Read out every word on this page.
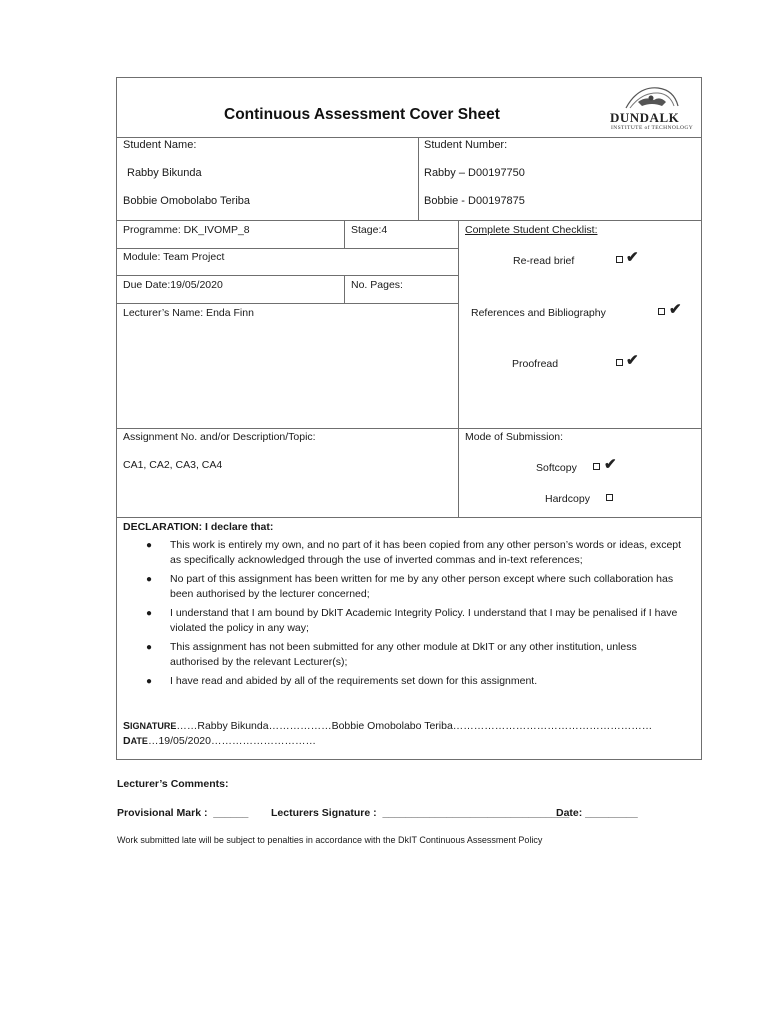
Continuous Assessment Cover Sheet	DUNDALK
INSTITUTE of TECHNOLOGY
Student Name:	Student Number:
Rabby Bikunda
Bobbie Omobolabo Teriba
Rabby – D00197750
Bobbie - D00197875
Programme: DK_IVOMP_8	Stage:4
Module: Team Project
Due Date:19/05/2020	No. Pages:
Lecturer’s Name: Enda Finn
Complete Student Checklist:
Re-read brief	✔
References and Bibliography	✔
Proofread	✔
Assignment No. and/or Description/Topic:
CA1, CA2, CA3, CA4
Mode of Submission:
Softcopy ✔
Hardcopy
DECLARATION: I declare that:
● This work is entirely my own, and no part of it has been copied from any other person’s words or ideas, except as specifically acknowledged through the use of inverted commas and in-text references;
● No part of this assignment has been written for me by any other person except where such collaboration has been authorised by the lecturer concerned;
● I understand that I am bound by DkIT Academic Integrity Policy. I understand that I may be penalised if I have violated the policy in any way;
● This assignment has not been submitted for any other module at DkIT or any other institution, unless authorised by the relevant Lecturer(s);
● I have read and abided by all of the requirements set down for this assignment.
SIGNATURE……Rabby Bikunda………………Bobbie Omobolabo Teriba…………………………………………………
DATE…19/05/2020…………………………
Lecturer’s Comments:
Provisional Mark :  ______ Lecturers Signature :  ________________________________
Date: _________
Work submitted late will be subject to penalties in accordance with the DkIT Continuous Assessment Policy
